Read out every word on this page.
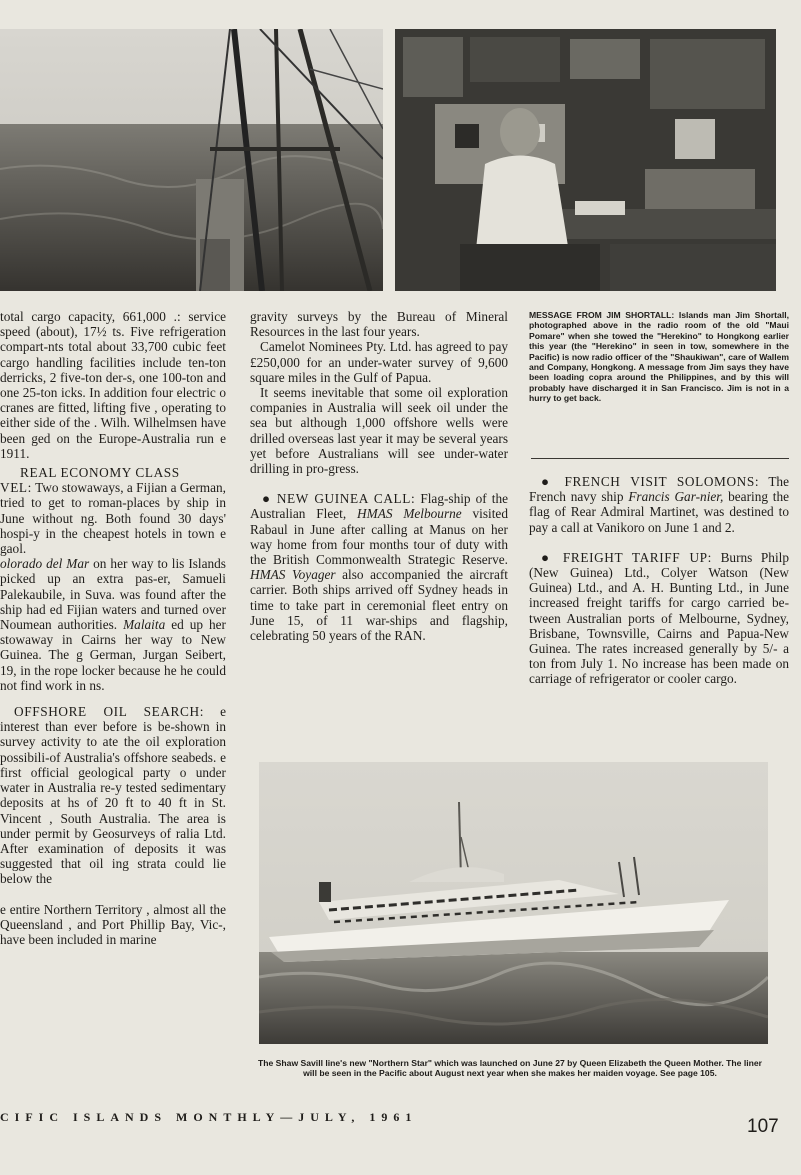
total cargo capacity, 661,000 .: service speed (about), 17½ ts. Five refrigeration compart-nts total about 33,700 cubic feet cargo handling facilities include ten-ton derricks, 2 five-ton der-s, one 100-ton and one 25-ton icks. In addition four electric o cranes are fitted, lifting five , operating to either side of the . Wilh. Wilhelmsen have been ged on the Europe-Australia run e 1911.

REAL ECONOMY CLASS
VEL: Two stowaways, a Fijian a German, tried to get to roman-places by ship in June without ng. Both found 30 days' hospi-y in the cheapest hotels in town e gaol.

olorado del Mar on her way to lis Islands picked up an extra pas-er, Samueli Palekaubile, in Suva. was found after the ship had ed Fijian waters and turned over Noumean authorities. Malaita ed up her stowaway in Cairns her way to New Guinea. The g German, Jurgan Seibert, 19, in the rope locker because he he could not find work in ns.

OFFSHORE OIL SEARCH: e interest than ever before is be-shown in survey activity to ate the oil exploration possibili-of Australia's offshore seabeds. e first official geological party o under water in Australia re-y tested sedimentary deposits at hs of 20 ft to 40 ft in St. Vincent , South Australia. The area is under permit by Geosurveys of ralia Ltd. After examination of deposits it was suggested that oil ing strata could lie below the

e entire Northern Territory , almost all the Queensland , and Port Phillip Bay, Vic-, have been included in marine

gravity surveys by the Bureau of Mineral Resources in the last four years.

Camelot Nominees Pty. Ltd. has agreed to pay £250,000 for an under-water survey of 9,600 square miles in the Gulf of Papua.

It seems inevitable that some oil exploration companies in Australia will seek oil under the sea but although 1,000 offshore wells were drilled overseas last year it may be several years yet before Australians will see under-water drilling in pro-gress.

● NEW GUINEA CALL: Flag-ship of the Australian Fleet, HMAS Melbourne visited Rabaul in June after calling at Manus on her way home from four months tour of duty with the British Commonwealth Strategic Reserve. HMAS Voyager also accompanied the aircraft carrier. Both ships arrived off Sydney heads in time to take part in ceremonial fleet entry on June 15, of 11 war-ships and flagship, celebrating 50 years of the RAN.

MESSAGE FROM JIM SHORTALL: Islands man Jim Shortall, photographed above in the radio room of the old "Maui Pomare" when she towed the "Herekino" to Hongkong earlier this year (the "Herekino" in seen in tow, somewhere in the Pacific) is now radio officer of the "Shaukiwan", care of Wallem and Company, Hongkong. A message from Jim says they have been loading copra around the Philippines, and by this will probably have discharged it in San Francisco. Jim is not in a hurry to get back.

● FRENCH VISIT SOLOMONS: The French navy ship Francis Gar-nier, bearing the flag of Rear Admiral Martinet, was destined to pay a call at Vanikoro on June 1 and 2.

● FREIGHT TARIFF UP: Burns Philp (New Guinea) Ltd., Colyer Watson (New Guinea) Ltd., and A. H. Bunting Ltd., in June increased freight tariffs for cargo carried be-tween Australian ports of Melbourne, Sydney, Brisbane, Townsville, Cairns and Papua-New Guinea. The rates increased generally by 5/- a ton from July 1. No increase has been made on carriage of refrigerator or cooler cargo.

The Shaw Savill line's new "Northern Star" which was launched on June 27 by Queen Elizabeth the Queen Mother. The liner will be seen in the Pacific about August next year when she makes her maiden voyage. See page 105.
CIFIC ISLANDS MONTHLY—JULY, 1961	107
